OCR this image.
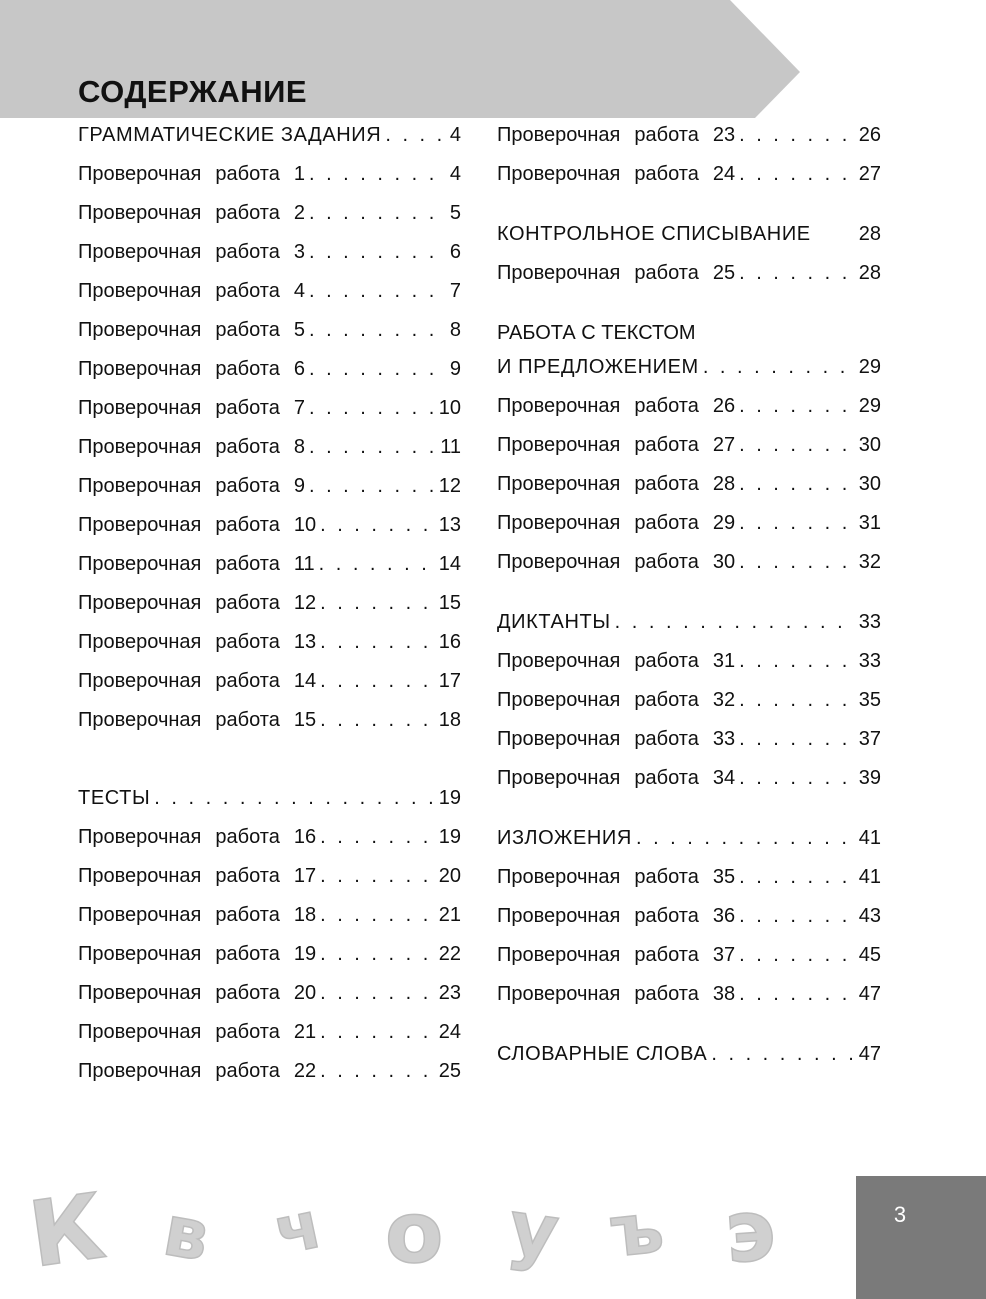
СОДЕРЖАНИЕ
ГРАММАТИЧЕСКИЕ ЗАДАНИЯ . . .	4
Проверочная работа 1 . . .	4
Проверочная работа 2 . . .	5
Проверочная работа 3 . . .	6
Проверочная работа 4 . . .	7
Проверочная работа 5 . . .	8
Проверочная работа 6 . . .	9
Проверочная работа 7 . . .	10
Проверочная работа 8 . . .	11
Проверочная работа 9 . . .	12
Проверочная работа 10 . . .	13
Проверочная работа 11 . . .	14
Проверочная работа 12 . . .	15
Проверочная работа 13 . . .	16
Проверочная работа 14 . . .	17
Проверочная работа 15 . . .	18
ТЕСТЫ . . .	19
Проверочная работа 16 . . .	19
Проверочная работа 17 . . .	20
Проверочная работа 18 . . .	21
Проверочная работа 19 . . .	22
Проверочная работа 20 . . .	23
Проверочная работа 21 . . .	24
Проверочная работа 22 . . .	25
Проверочная работа 23 . . .	26
Проверочная работа 24 . . .	27
КОНТРОЛЬНОЕ СПИСЫВАНИЕ 28
Проверочная работа 25 . . .	28
РАБОТА С ТЕКСТОМ
И ПРЕДЛОЖЕНИЕМ . . .	29
Проверочная работа 26 . . .	29
Проверочная работа 27 . . .	30
Проверочная работа 28 . . .	30
Проверочная работа 29 . . .	31
Проверочная работа 30 . . .	32
ДИКТАНТЫ . . .	33
Проверочная работа 31 . . .	33
Проверочная работа 32 . . .	35
Проверочная работа 33 . . .	37
Проверочная работа 34 . . .	39
ИЗЛОЖЕНИЯ . . .	41
Проверочная работа 35 . . .	41
Проверочная работа 36 . . .	43
Проверочная работа 37 . . .	45
Проверочная работа 38 . . .	47
СЛОВАРНЫЕ СЛОВА . . .	47
К в ч о у ъ э	3
